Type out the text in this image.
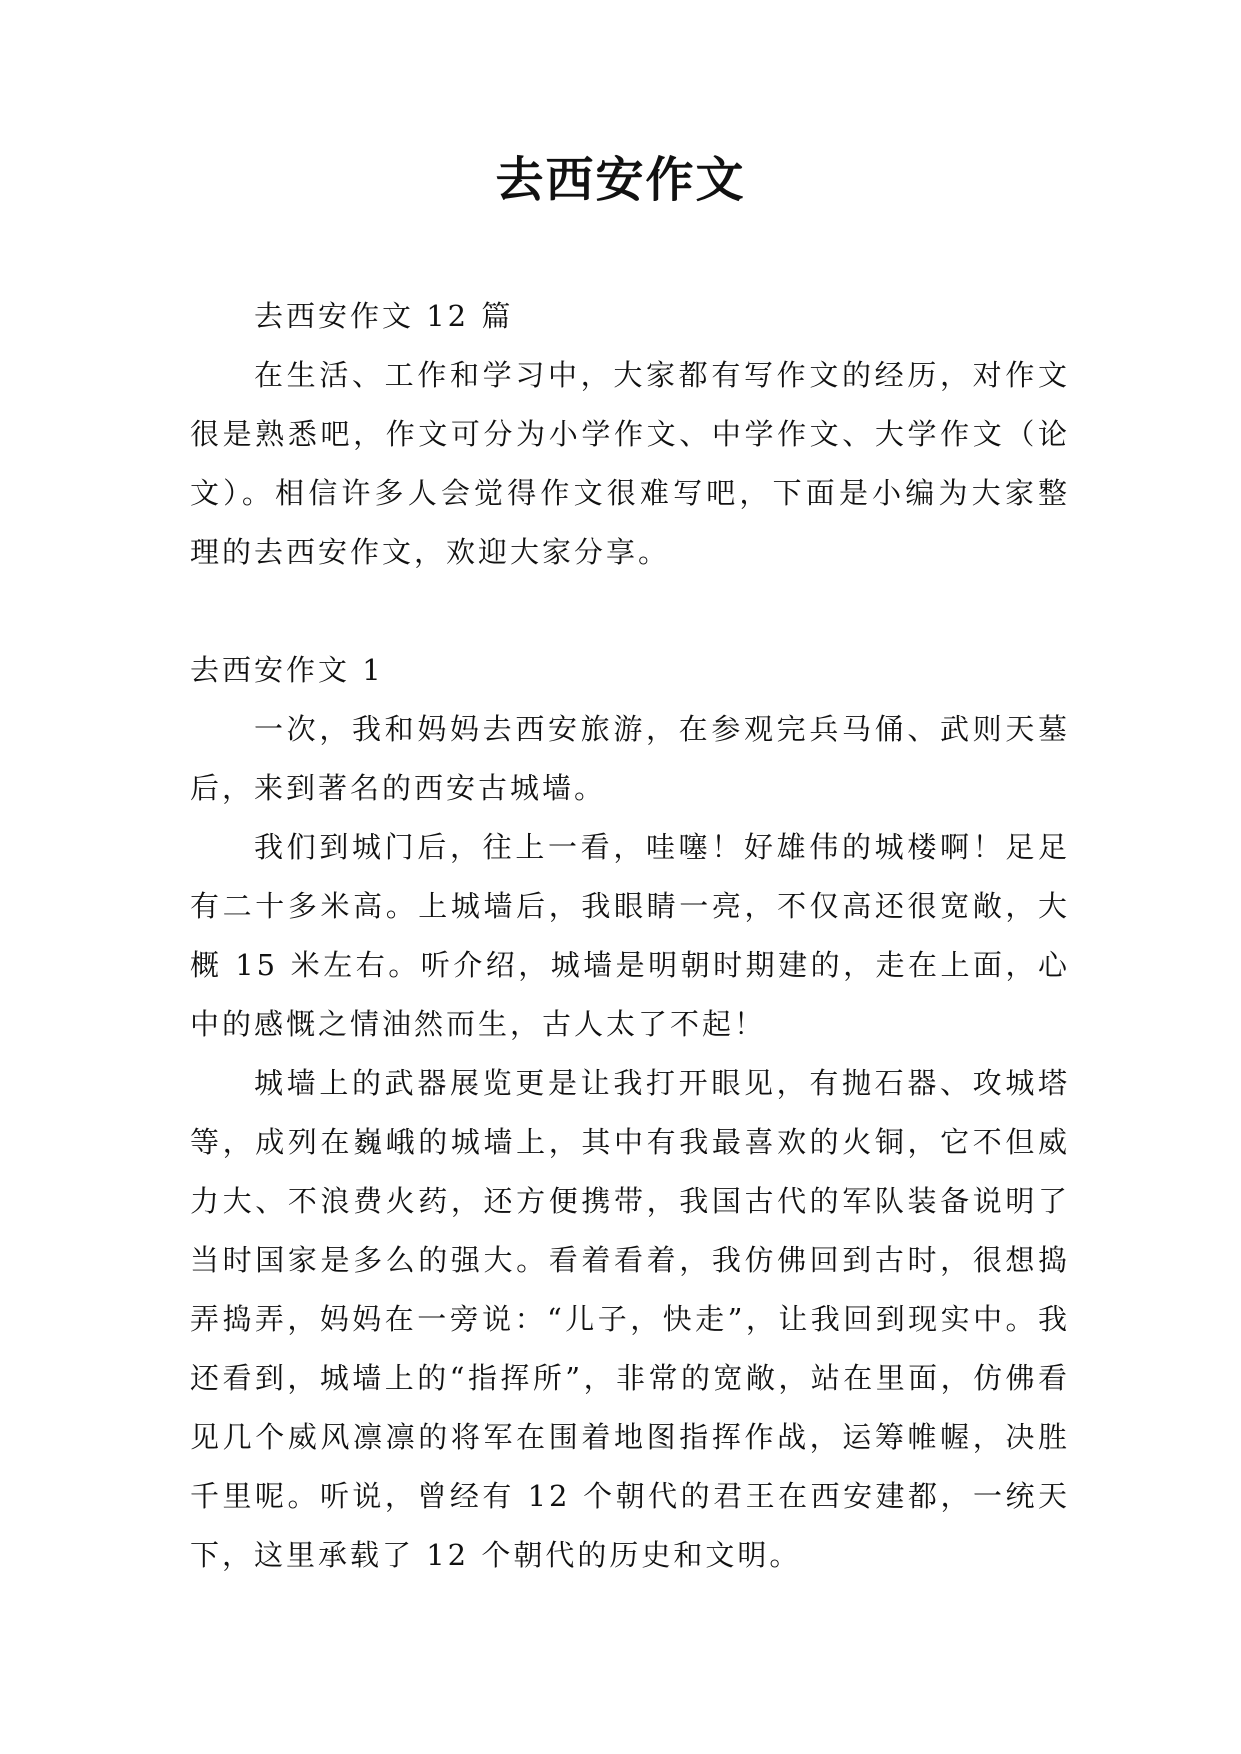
去西安作文

去西安作文 12 篇

在生活、工作和学习中，大家都有写作文的经历，对作文很是熟悉吧，作文可分为小学作文、中学作文、大学作文（论文）。相信许多人会觉得作文很难写吧，下面是小编为大家整理的去西安作文，欢迎大家分享。

去西安作文 1

一次，我和妈妈去西安旅游，在参观完兵马俑、武则天墓后，来到著名的西安古城墙。

我们到城门后，往上一看，哇噻！好雄伟的城楼啊！足足有二十多米高。上城墙后，我眼睛一亮，不仅高还很宽敞，大概 15 米左右。听介绍，城墙是明朝时期建的，走在上面，心中的感慨之情油然而生，古人太了不起！

城墙上的武器展览更是让我打开眼见，有抛石器、攻城塔等，成列在巍峨的城墙上，其中有我最喜欢的火铜，它不但威力大、不浪费火药，还方便携带，我国古代的军队装备说明了当时国家是多么的强大。看着看着，我仿佛回到古时，很想捣弄捣弄，妈妈在一旁说：“儿子，快走”，让我回到现实中。我还看到，城墙上的“指挥所”，非常的宽敞，站在里面，仿佛看见几个威风凛凛的将军在围着地图指挥作战，运筹帷幄，决胜千里呢。听说，曾经有 12 个朝代的君王在西安建都，一统天下，这里承载了 12 个朝代的历史和文明。
